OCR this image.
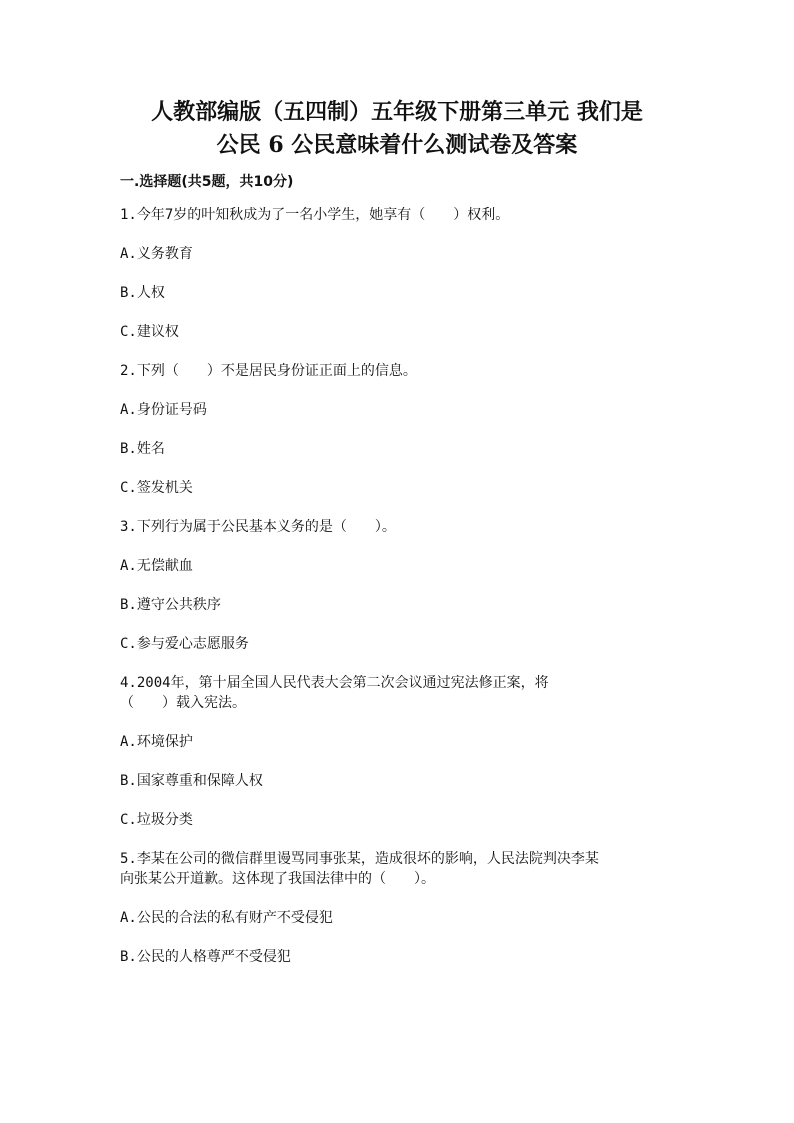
人教部编版（五四制）五年级下册第三单元 我们是
公民 6 公民意味着什么测试卷及答案
一.选择题(共5题，共10分)
1.今年7岁的叶知秋成为了一名小学生，她享有（　　）权利。
A.义务教育
B.人权
C.建议权
2.下列（　　）不是居民身份证正面上的信息。
A.身份证号码
B.姓名
C.签发机关
3.下列行为属于公民基本义务的是（　　）。
A.无偿献血
B.遵守公共秩序
C.参与爱心志愿服务
4.2004年，第十届全国人民代表大会第二次会议通过宪法修正案，将
（　　）载入宪法。
A.环境保护
B.国家尊重和保障人权
C.垃圾分类
5.李某在公司的微信群里谩骂同事张某，造成很坏的影响，人民法院判决李某
向张某公开道歉。这体现了我国法律中的（　　）。
A.公民的合法的私有财产不受侵犯
B.公民的人格尊严不受侵犯
